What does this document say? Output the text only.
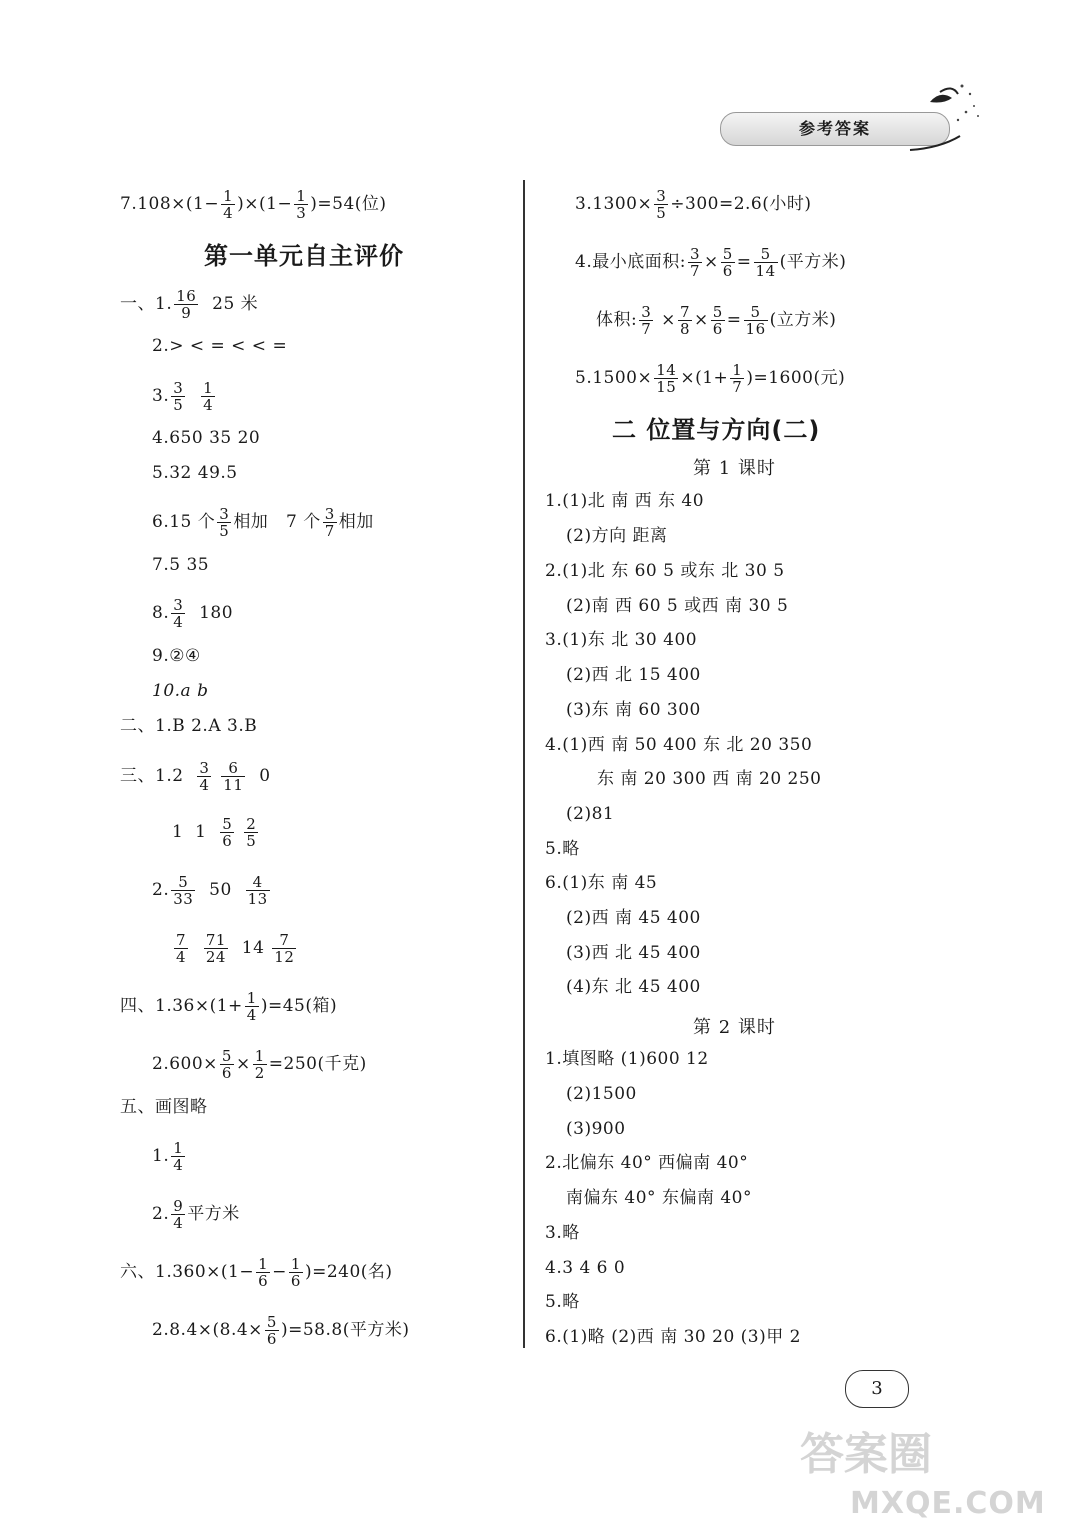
参考答案
$7.108\times(1- \frac{1}{4} )\times(1- \frac{1}{3} )=54$(位)
第一单元自主评价
一、1. $\frac{16}{9} 25$ 米
2.> < = < < =
3. $\frac{3}{5}$
$\frac{1}{4}$
4.650 35 20
5.32 49.5
6.15 个 $\frac{3}{5}$ 相加   7 个 $\frac{3}{7}$ 相加
7.5 35
8. $\frac{3}{4} 180$
9.②④
10.a b
二、1.B 2.A 3.B
三、$1.2 \frac{3}{4}$
$\frac{6}{11} 0$
1  $1 \frac{5}{6}$
$\frac{2}{5}$
2. $\frac{5}{33} 50 \frac{4}{13}$
$\frac{7}{4}$
$\frac{71}{24} 14 \frac{7}{12}$
四、$1.36\times(1+ \frac{1}{4} )=45$(箱)
$2.600\times \frac{5}{6} \times \frac{1}{2} =250$(千克)
五、画图略
1. $\frac{1}{4}$
2. $\frac{9}{4}$ 平方米
六、$1.360\times(1- \frac{1}{6} - \frac{1}{6} )=240$(名)
$2.8.4\times(8.4\times \frac{5}{6} )=58.8$(平方米)
$3.1300\times \frac{3}{5} \div 300=2.6$(小时)
4.最小底面积: $\frac{3}{7} \times \frac{5}{6} = \frac{5}{14}$ (平方米)
体积: $\frac{3}{7} \times \frac{7}{8} \times \frac{5}{6} = \frac{5}{16}$ (立方米)
$5.1500\times \frac{14}{15} \times(1+ \frac{1}{7} )=1600$(元)
二 位置与方向(二)
第 1 课时
1.(1)北 南 西 东 40
(2)方向 距离
2.(1)北 东 60 5 或东 北 30 5
(2)南 西 60 5 或西 南 30 5
3.(1)东 北 30 400
(2)西 北 15 400
(3)东 南 60 300
4.(1)西 南 50 400 东 北 20 350
东 南 20 300 西 南 20 250
(2)81
5.略
6.(1)东 南 45
(2)西 南 45 400
(3)西 北 45 400
(4)东 北 45 400
第 2 课时
1.填图略 (1)600 12
(2)1500
(3)900
2.北偏东 40° 西偏南 40°
南偏东 40° 东偏南 40°
3.略
4.3 4 6 0
5.略
6.(1)略 (2)西 南 30 20 (3)甲 2
3
答案圈
MXQE.COM
